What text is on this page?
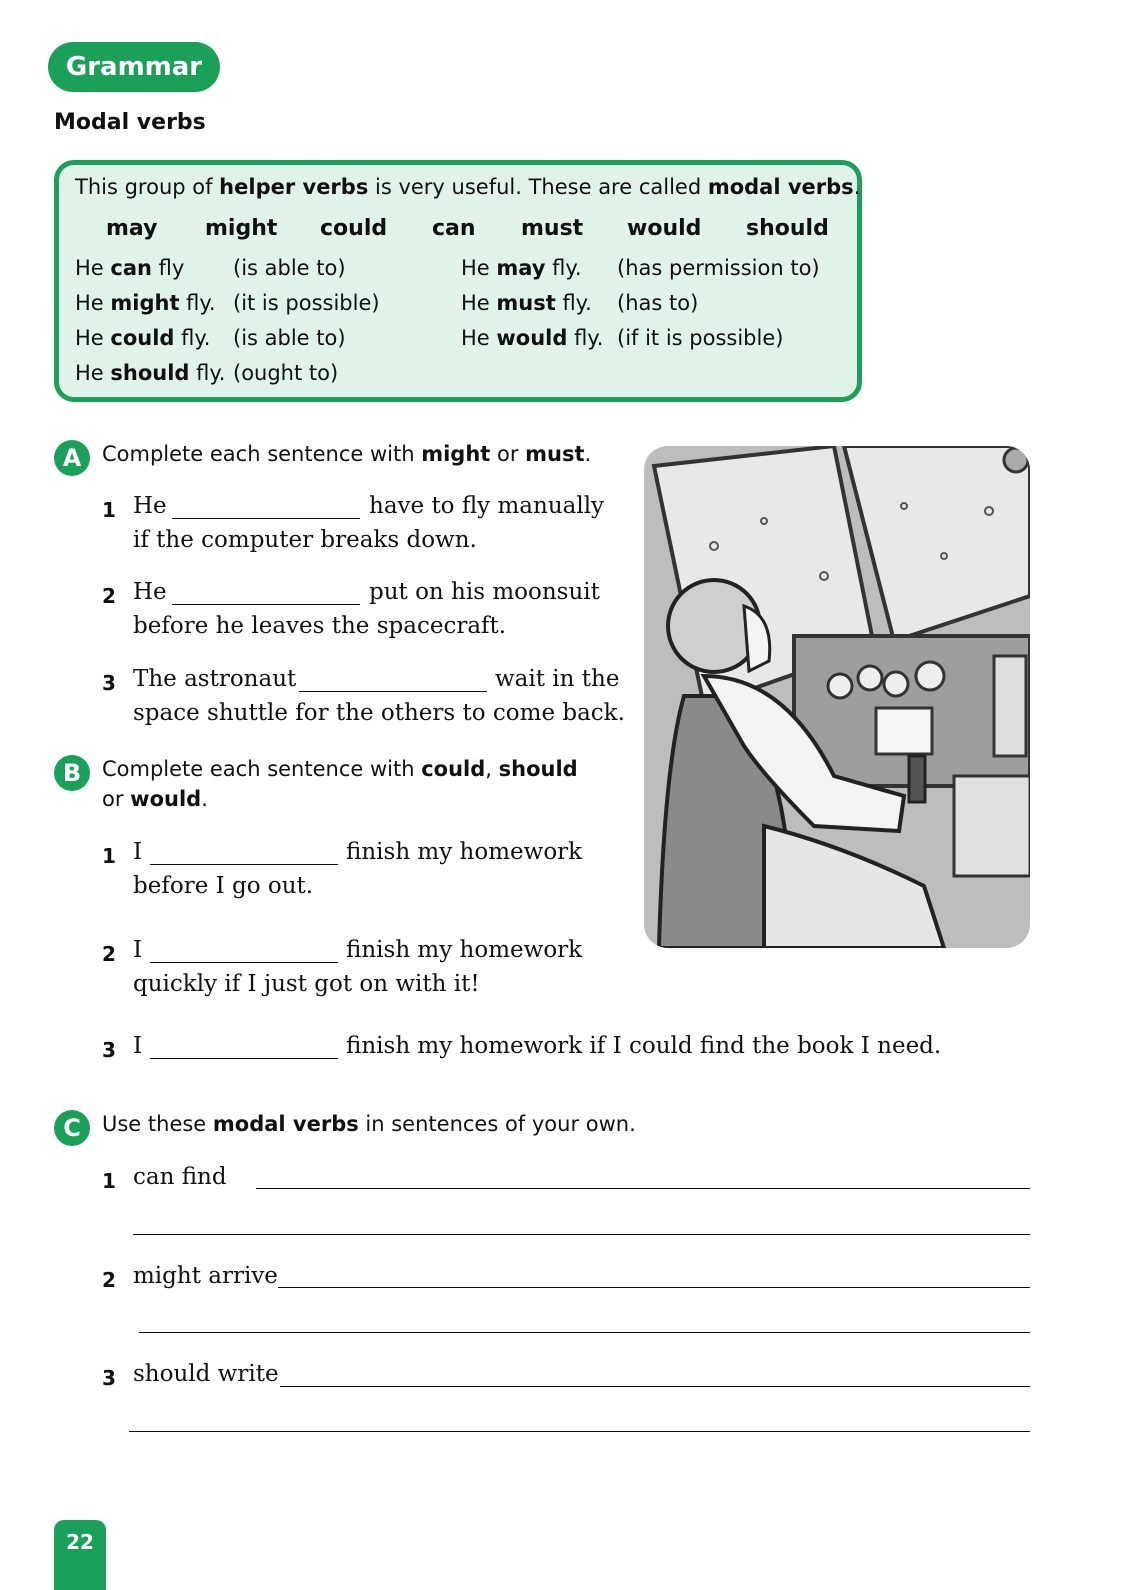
Grammar
Modal verbs
This group of helper verbs is very useful. These are called modal verbs.
may might could can must would should
He can fly (is able to)
He might fly. (it is possible)
He could fly. (is able to)
He should fly. (ought to)
He may fly. (has permission to)
He must fly. (has to)
He would fly. (if it is possible)
A Complete each sentence with might or must.
1 He	have to fly manually
if the computer breaks down.
2 He	put on his moonsuit
before he leaves the spacecraft.
3 The astronaut	wait in the
space shuttle for the others to come back.
B Complete each sentence with could, should
or would.
1 I	finish my homework
before I go out.
2 I	finish my homework
quickly if I just got on with it!
3 I	finish my homework if I could find the book I need.
C	Use these modal verbs in sentences of your own.
1 can find
2 might arrive
3 should write
22
